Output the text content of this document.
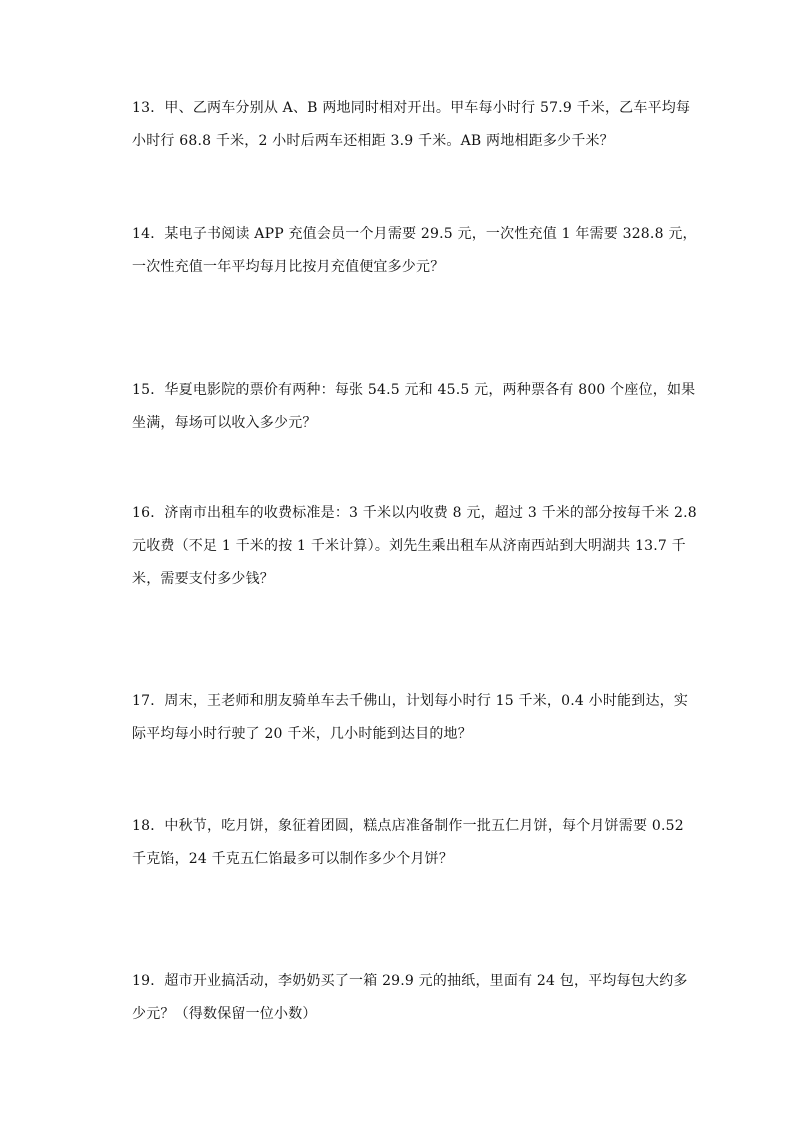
13．甲、乙两车分别从 A、B 两地同时相对开出。甲车每小时行 57.9 千米，乙车平均每
小时行 68.8 千米，2 小时后两车还相距 3.9 千米。AB 两地相距多少千米？
14．某电子书阅读 APP 充值会员一个月需要 29.5 元，一次性充值 1 年需要 328.8 元，
一次性充值一年平均每月比按月充值便宜多少元？
15．华夏电影院的票价有两种：每张 54.5 元和 45.5 元，两种票各有 800 个座位，如果
坐满，每场可以收入多少元？
16．济南市出租车的收费标准是：3 千米以内收费 8 元，超过 3 千米的部分按每千米 2.8
元收费（不足 1 千米的按 1 千米计算）。刘先生乘出租车从济南西站到大明湖共 13.7 千
米，需要支付多少钱？
17．周末，王老师和朋友骑单车去千佛山，计划每小时行 15 千米，0.4 小时能到达，实
际平均每小时行驶了 20 千米，几小时能到达目的地？
18．中秋节，吃月饼，象征着团圆，糕点店准备制作一批五仁月饼，每个月饼需要 0.52
千克馅，24 千克五仁馅最多可以制作多少个月饼？
19．超市开业搞活动，李奶奶买了一箱 29.9 元的抽纸，里面有 24 包，平均每包大约多
少元？（得数保留一位小数）
